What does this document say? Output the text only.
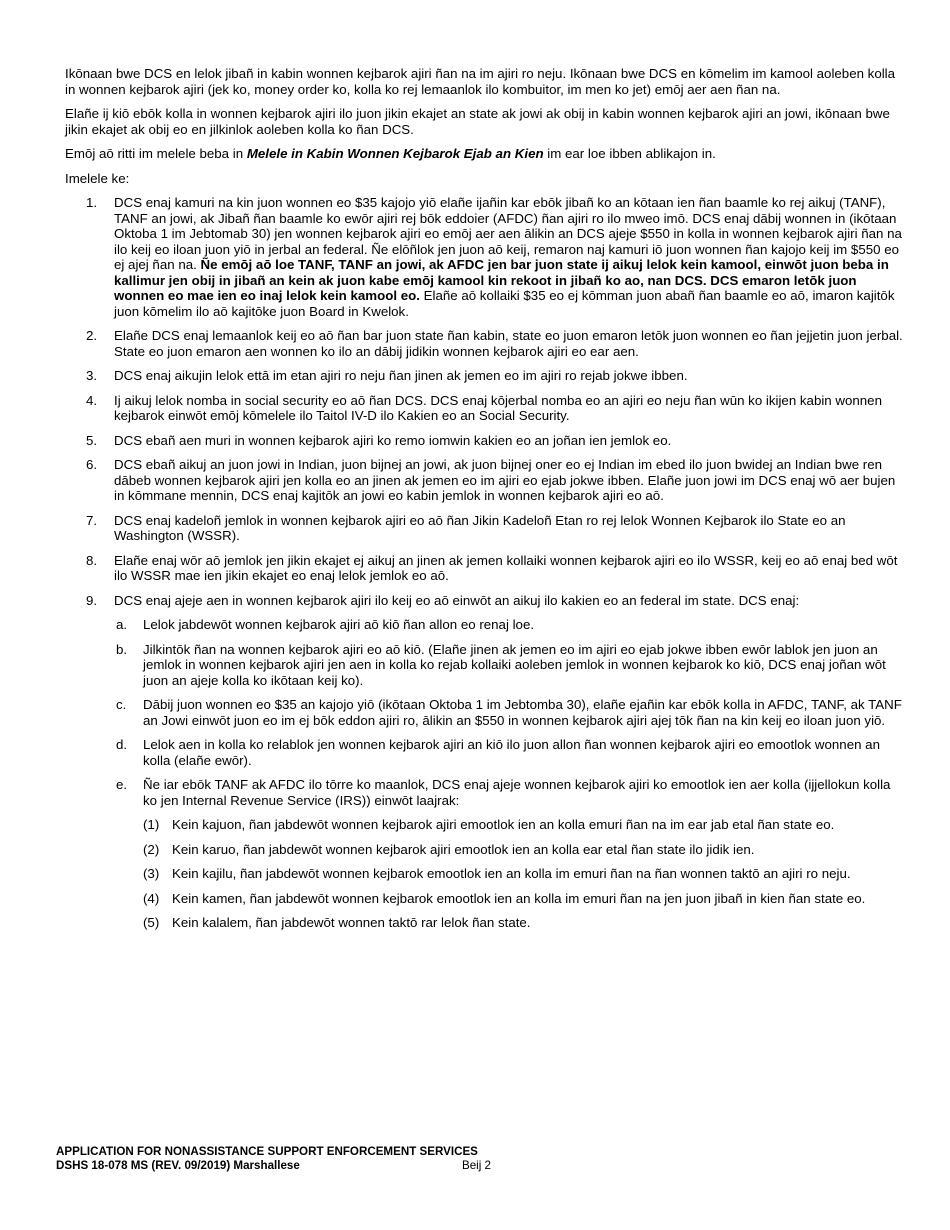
Ikōnaan bwe DCS en lelok jibañ in kabin wonnen kejbarok ajiri ñan na im ajiri ro neju. Ikōnaan bwe DCS en kōmelim im kamool aoleben kolla in wonnen kejbarok ajiri (jek ko, money order ko, kolla ko rej lemaanlok ilo kombuitor, im men ko jet) emōj aer aen ñan na.

Elañe ij kiō ebōk kolla in wonnen kejbarok ajiri ilo juon jikin ekajet an state ak jowi ak obij in kabin wonnen kejbarok ajiri an jowi, ikōnaan bwe jikin ekajet ak obij eo en jilkinlok aoleben kolla ko ñan DCS.

Emōj aō ritti im melele beba in Melele in Kabin Wonnen Kejbarok Ejab an Kien im ear loe ibben ablikajon in.

Imelele ke:

1. DCS enaj kamuri na kin juon wonnen eo $35 kajojo yiō elañe ijañin kar ebōk jibañ ko an kōtaan ien ñan baamle ko rej aikuj (TANF), TANF an jowi, ak Jibañ ñan baamle ko ewōr ajiri rej bōk eddoier (AFDC) ñan ajiri ro ilo mweo imō. DCS enaj dābij wonnen in (ikōtaan Oktoba 1 im Jebtomab 30) jen wonnen kejbarok ajiri eo emōj aer aen ālikin an DCS ajeje $550 in kolla in wonnen kejbarok ajiri ñan na ilo keij eo iloan juon yiō in jerbal an federal. Ñe elōñlok jen juon aō keij, remaron naj kamuri iō juon wonnen ñan kajojo keij im $550 eo ej ajej ñan na. Ñe emōj aō loe TANF, TANF an jowi, ak AFDC jen bar juon state ij aikuj lelok kein kamool, einwōt juon beba in kallimur jen obij in jibañ an kein ak juon kabe emōj kamool kin rekoot in jibañ ko ao, nan DCS. DCS emaron letōk juon wonnen eo mae ien eo inaj lelok kein kamool eo. Elañe aō kollaiki $35 eo ej kōmman juon abañ ñan baamle eo aō, imaron kajitōk juon kōmelim ilo aō kajitōke juon Board in Kwelok.
2. Elañe DCS enaj lemaanlok keij eo aō ñan bar juon state ñan kabin, state eo juon emaron letōk juon wonnen eo ñan jejjetin juon jerbal. State eo juon emaron aen wonnen ko ilo an dābij jidikin wonnen kejbarok ajiri eo ear aen.
3. DCS enaj aikujin lelok ettā im etan ajiri ro neju ñan jinen ak jemen eo im ajiri ro rejab jokwe ibben.
4. Ij aikuj lelok nomba in social security eo aō ñan DCS. DCS enaj kōjerbal nomba eo an ajiri eo neju ñan wūn ko ikijen kabin wonnen kejbarok einwōt emōj kōmelele ilo Taitol IV-D ilo Kakien eo an Social Security.
5. DCS ebañ aen muri in wonnen kejbarok ajiri ko remo iomwin kakien eo an joñan ien jemlok eo.
6. DCS ebañ aikuj an juon jowi in Indian, juon bijnej an jowi, ak juon bijnej oner eo ej Indian im ebed ilo juon bwidej an Indian bwe ren dābeb wonnen kejbarok ajiri jen kolla eo an jinen ak jemen eo im ajiri eo ejab jokwe ibben. Elañe juon jowi im DCS enaj wō aer bujen in kōmmane mennin, DCS enaj kajitōk an jowi eo kabin jemlok in wonnen kejbarok ajiri eo aō.
7. DCS enaj kadeloñ jemlok in wonnen kejbarok ajiri eo aō ñan Jikin Kadeloñ Etan ro rej lelok Wonnen Kejbarok ilo State eo an Washington (WSSR).
8. Elañe enaj wōr aō jemlok jen jikin ekajet ej aikuj an jinen ak jemen kollaiki wonnen kejbarok ajiri eo ilo WSSR, keij eo aō enaj bed wōt ilo WSSR mae ien jikin ekajet eo enaj lelok jemlok eo aō.
9. DCS enaj ajeje aen in wonnen kejbarok ajiri ilo keij eo aō einwōt an aikuj ilo kakien eo an federal im state. DCS enaj:
a. Lelok jabdewōt wonnen kejbarok ajiri aō kiō ñan allon eo renaj loe.
b. Jilkintōk ñan na wonnen kejbarok ajiri eo aō kiō. (Elañe jinen ak jemen eo im ajiri eo ejab jokwe ibben ewōr lablok jen juon an jemlok in wonnen kejbarok ajiri jen aen in kolla ko rejab kollaiki aoleben jemlok in wonnen kejbarok ko kiō, DCS enaj joñan wōt juon an ajeje kolla ko ikōtaan keij ko).
c. Dābij juon wonnen eo $35 an kajojo yiō (ikōtaan Oktoba 1 im Jebtomba 30), elañe ejañin kar ebōk kolla in AFDC, TANF, ak TANF an Jowi einwōt juon eo im ej bōk eddon ajiri ro, ālikin an $550 in wonnen kejbarok ajiri ajej tōk ñan na kin keij eo iloan juon yiō.
d. Lelok aen in kolla ko relablok jen wonnen kejbarok ajiri an kiō ilo juon allon ñan wonnen kejbarok ajiri eo emootlok wonnen an kolla (elañe ewōr).
e. Ñe iar ebōk TANF ak AFDC ilo tōrre ko maanlok, DCS enaj ajeje wonnen kejbarok ajiri ko emootlok ien aer kolla (ijjellokun kolla ko jen Internal Revenue Service (IRS)) einwōt laajrak:
(1) Kein kajuon, ñan jabdewōt wonnen kejbarok ajiri emootlok ien an kolla emuri ñan na im ear jab etal ñan state eo.
(2) Kein karuo, ñan jabdewōt wonnen kejbarok ajiri emootlok ien an kolla ear etal ñan state ilo jidik ien.
(3) Kein kajilu, ñan jabdewōt wonnen kejbarok emootlok ien an kolla im emuri ñan na ñan wonnen taktō an ajiri ro neju.
(4) Kein kamen, ñan jabdewōt wonnen kejbarok emootlok ien an kolla im emuri ñan na jen juon jibañ in kien ñan state eo.
(5) Kein kalalem, ñan jabdewōt wonnen taktō rar lelok ñan state.
APPLICATION FOR NONASSISTANCE SUPPORT ENFORCEMENT SERVICES
DSHS 18-078 MS (REV. 09/2019) Marshallese	Beij 2
